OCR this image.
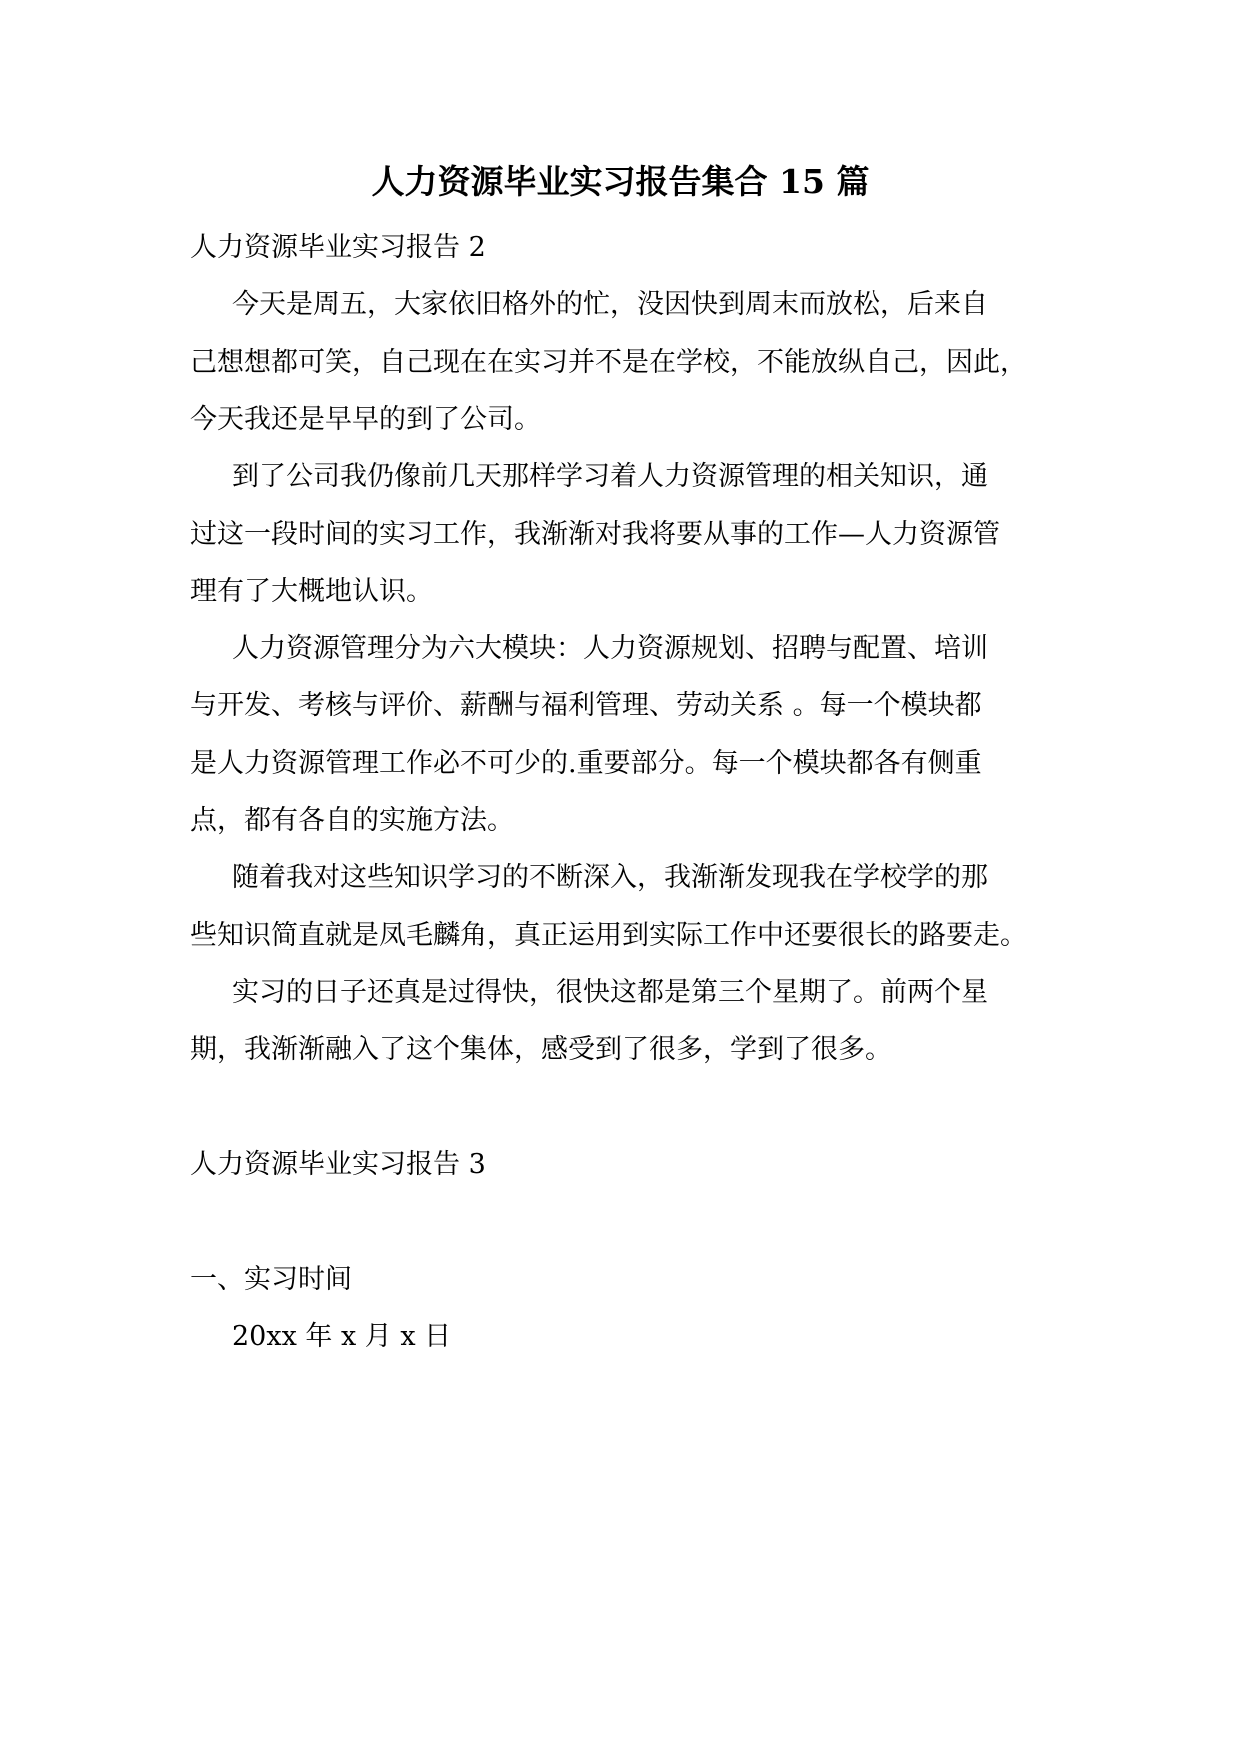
人力资源毕业实习报告集合 15 篇
人力资源毕业实习报告 2
今天是周五，大家依旧格外的忙，没因快到周末而放松，后来自
己想想都可笑，自己现在在实习并不是在学校，不能放纵自己，因此，
今天我还是早早的到了公司。
到了公司我仍像前几天那样学习着人力资源管理的相关知识，通
过这一段时间的实习工作，我渐渐对我将要从事的工作—人力资源管
理有了大概地认识。
人力资源管理分为六大模块：人力资源规划、招聘与配置、培训
与开发、考核与评价、薪酬与福利管理、劳动关系 。每一个模块都
是人力资源管理工作必不可少的.重要部分。每一个模块都各有侧重
点，都有各自的实施方法。
随着我对这些知识学习的不断深入，我渐渐发现我在学校学的那
些知识简直就是凤毛麟角，真正运用到实际工作中还要很长的路要走。
实习的日子还真是过得快，很快这都是第三个星期了。前两个星
期，我渐渐融入了这个集体，感受到了很多，学到了很多。
人力资源毕业实习报告 3
一、实习时间
20xx 年 x 月 x 日
